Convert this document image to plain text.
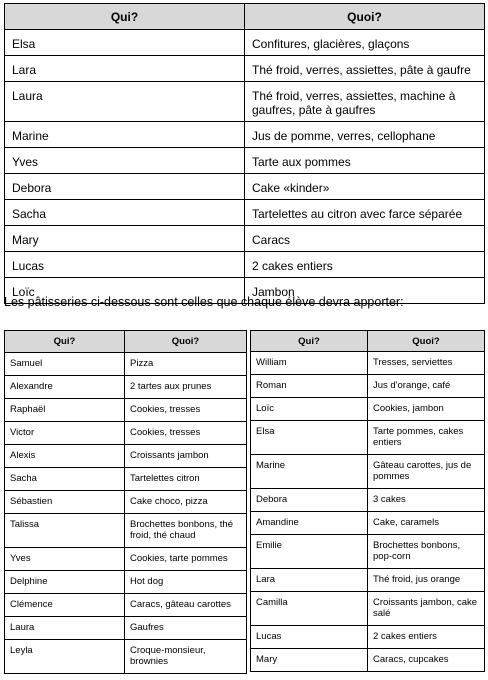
Qui?	Quoi?
Elsa	Confitures, glacières, glaçons
Lara	Thé froid, verres, assiettes, pâte à gaufre
Laura	Thé froid, verres, assiettes, machine à gaufres, pâte à gaufres
Marine	Jus de pomme, verres, cellophane
Yves	Tarte aux pommes
Debora	Cake «kinder»
Sacha	Tartelettes au citron avec farce séparée
Mary	Caracs
Lucas	2 cakes entiers
Loïc	Jambon

Les pâtisseries ci-dessous sont celles que chaque élève devra apporter:

Qui?	Quoi?
Samuel	Pizza
Alexandre	2 tartes aux prunes
Raphaël	Cookies, tresses
Victor	Cookies, tresses
Alexis	Croissants jambon
Sacha	Tartelettes citron
Sébastien	Cake choco, pizza
Talissa	Brochettes bonbons, thé froid, thé chaud
Yves	Cookies, tarte pommes
Delphine	Hot dog
Clémence	Caracs, gâteau carottes
Laura	Gaufres
Leyla	Croque-monsieur, brownies
Qui?	Quoi?
William	Tresses, serviettes
Roman	Jus d'orange, café
Loïc	Cookies, jambon
Elsa	Tarte pommes, cakes entiers
Marine	Gâteau carottes, jus de pommes
Debora	3 cakes
Amandine	Cake, caramels
Emilie	Brochettes bonbons, pop-corn
Lara	Thé froid, jus orange
Camilla	Croissants jambon, cake salé
Lucas	2 cakes entiers
Mary	Caracs, cupcakes
